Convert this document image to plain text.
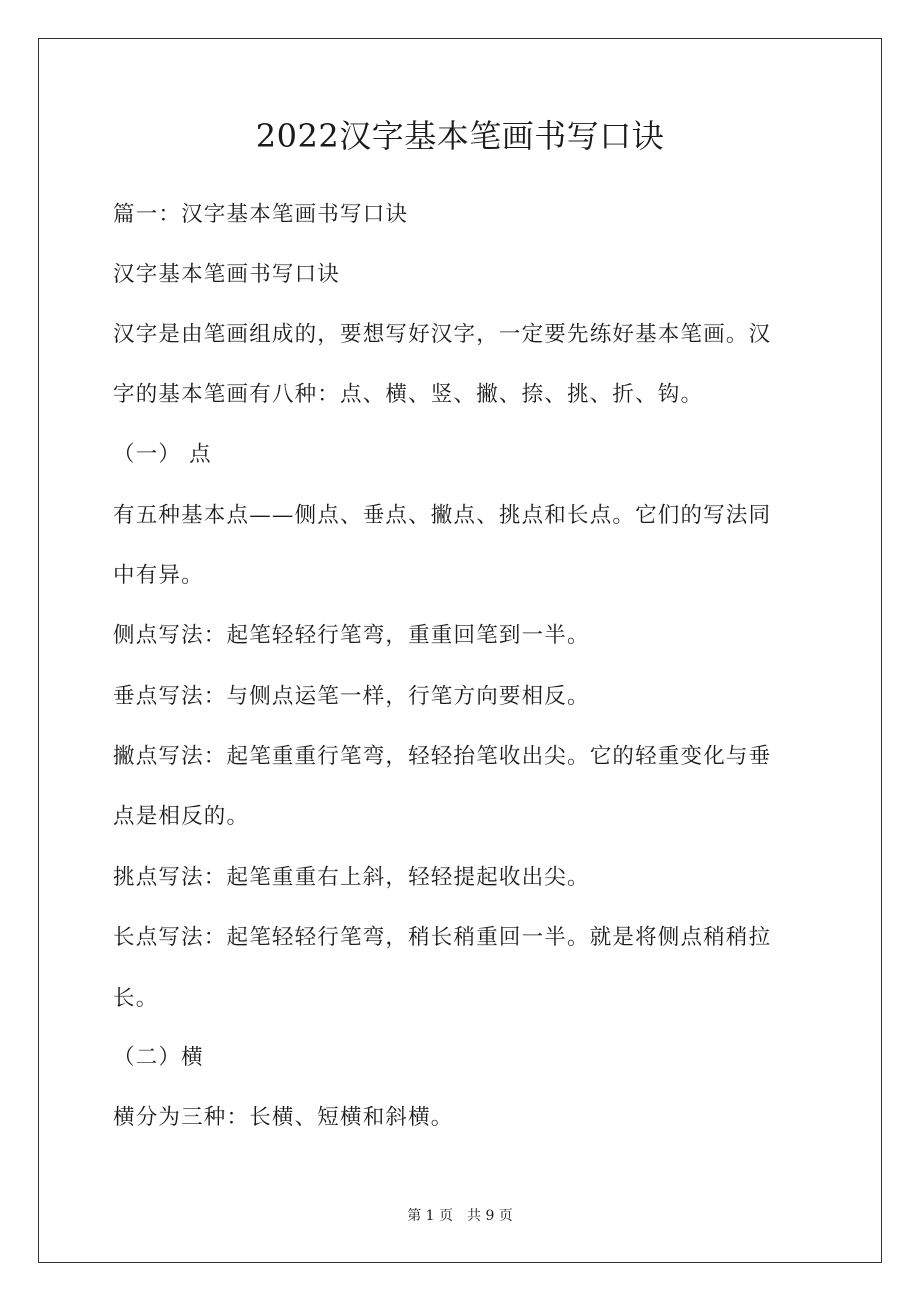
2022汉字基本笔画书写口诀

篇一：汉字基本笔画书写口诀

汉字基本笔画书写口诀

汉字是由笔画组成的，要想写好汉字，一定要先练好基本笔画。汉

字的基本笔画有八种：点、横、竖、撇、捺、挑、折、钩。

（一） 点

有五种基本点——侧点、垂点、撇点、挑点和长点。它们的写法同

中有异。

侧点写法：起笔轻轻行笔弯，重重回笔到一半。

垂点写法：与侧点运笔一样，行笔方向要相反。

撇点写法：起笔重重行笔弯，轻轻抬笔收出尖。它的轻重变化与垂

点是相反的。

挑点写法：起笔重重右上斜，轻轻提起收出尖。

长点写法：起笔轻轻行笔弯，稍长稍重回一半。就是将侧点稍稍拉

长。

（二）横

横分为三种：长横、短横和斜横。

第 1 页　共 9 页
